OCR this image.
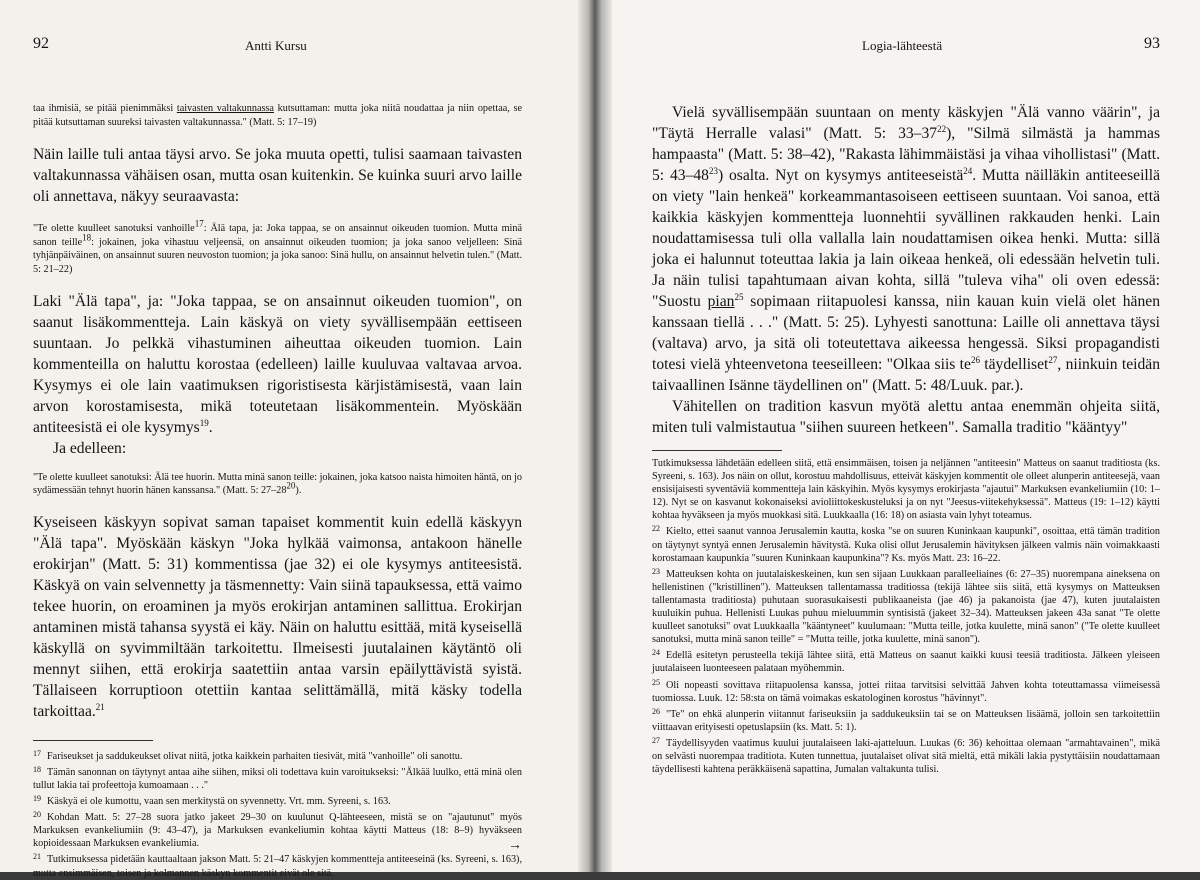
92	Antti Kursu

taa ihmisiä, se pitää pienimmäksi taivasten valtakunnassa kutsuttaman: mutta joka niitä noudattaa ja niin opettaa, se pitää kutsuttaman suureksi taivasten valtakunnassa." (Matt. 5: 17–19)

Näin laille tuli antaa täysi arvo. Se joka muuta opetti, tulisi saamaan taivasten valtakunnassa vähäisen osan, mutta osan kuitenkin. Se kuinka suuri arvo laille oli annettava, näkyy seuraavasta:

"Te olette kuulleet sanotuksi vanhoille$^{17}$: Älä tapa, ja: Joka tappaa, se on ansainnut oikeuden tuomion. Mutta minä sanon teille$^{18}$: jokainen, joka vihastuu veljeensä, on ansainnut oikeuden tuomion; ja joka sanoo veljelleen: Sinä tyhjänpäiväinen, on ansainnut suuren neuvoston tuomion; ja joka sanoo: Sinä hullu, on ansainnut helvetin tulen." (Matt. 5: 21–22)

Laki "Älä tapa", ja: "Joka tappaa, se on ansainnut oikeuden tuomion", on saanut lisäkommentteja. Lain käskyä on viety syvällisempään eettiseen suuntaan. Jo pelkkä vihastuminen aiheuttaa oikeuden tuomion. Lain kommenteilla on haluttu korostaa (edelleen) laille kuuluvaa valtavaa arvoa. Kysymys ei ole lain vaatimuksen rigoristisesta kärjistämisestä, vaan lain arvon korostamisesta, mikä toteutetaan lisäkommentein. Myöskään antiteesistä ei ole kysymys$^{19}$.

Ja edelleen:

"Te olette kuulleet sanotuksi: Älä tee huorin. Mutta minä sanon teille: jokainen, joka katsoo naista himoiten häntä, on jo sydämessään tehnyt huorin hänen kanssansa." (Matt. 5: $27-28^{20}$).

Kyseiseen käskyyn sopivat saman tapaiset kommentit kuin edellä käskyyn "Älä tapa". Myöskään käskyn "Joka hylkää vaimonsa, antakoon hänelle erokirjan" (Matt. 5: 31) kommentissa (jae 32) ei ole kysymys antiteesistä. Käskyä on vain selvennetty ja täsmennetty: Vain siinä tapauksessa, että vaimo tekee huorin, on eroaminen ja myös erokirjan antaminen sallittua. Erokirjan antaminen mistä tahansa syystä ei käy. Näin on haluttu esittää, mitä kyseisellä käskyllä on syvimmiltään tarkoitettu. Ilmeisesti juutalainen käytäntö oli mennyt siihen, että erokirja saatettiin antaa varsin epäilyttävistä syistä. Tällaiseen korruptioon otettiin kantaa selittämällä, mitä käsky todella tarkoittaa.$^{21}$

$^{17}$ Fariseukset ja saddukeukset olivat niitä, jotka kaikkein parhaiten tiesivät, mitä "vanhoille" oli sanottu.

$^{18}$ Tämän sanonnan on täytynyt antaa aihe siihen, miksi oli todettava kuin varoitukseksi: "Älkää luulko, että minä olen tullut lakia tai profeettoja kumoamaan . . ."

$^{19}$ Käskyä ei ole kumottu, vaan sen merkitystä on syvennetty. Vrt. mm. Syreeni, s. 163.

$^{20}$ Kohdan Matt. 5: 27–28 suora jatko jakeet 29–30 on kuulunut Q-lähteeseen, mistä se on "ajautunut" myös Markuksen evankeliumiin (9: 43–47), ja Markuksen evankeliumin kohtaa käytti Matteus (18: 8–9) hyväkseen kopioidessaan Markuksen evankeliumia.

$^{21}$ Tutkimuksessa pidetään kauttaaltaan jakson Matt. 5: 21–47 käskyjen kommentteja antiteeseinä (ks. Syreeni, s. 163), mutta ensimmäisen, toisen ja kolmannen käskyn kommentit eivät ole sitä.

→
Logia-lähteestä	93

Vielä syvällisempään suuntaan on menty käskyjen "Älä vanno väärin", ja "Täytä Herralle valasi" (Matt. 5: $33-37^{22}$), "Silmä silmästä ja hammas hampaasta" (Matt. 5: 38–42), "Rakasta lähimmäistäsi ja vihaa vihollistasi" (Matt. 5: $43-48^{23}$) osalta. Nyt on kysymys antiteeseistä$^{24}$. Mutta näilläkin antiteeseillä on viety "lain henkeä" korkeammantasoiseen eettiseen suuntaan. Voi sanoa, että kaikkia käskyjen kommentteja luonnehtii syvällinen rakkauden henki. Lain noudattamisessa tuli olla vallalla lain noudattamisen oikea henki. Mutta: sillä joka ei halunnut toteuttaa lakia ja lain oikeaa henkeä, oli edessään helvetin tuli. Ja näin tulisi tapahtumaan aivan kohta, sillä "tuleva viha" oli oven edessä: "Suostu pian$^{25}$ sopimaan riitapuolesi kanssa, niin kauan kuin vielä olet hänen kanssaan tiellä . . ." (Matt. 5: 25). Lyhyesti sanottuna: Laille oli annettava täysi (valtava) arvo, ja sitä oli toteutettava aikeessa hengessä. Siksi propagandisti totesi vielä yhteenvetona teeseilleen: "Olkaa siis $te^{26}$ täydelliset$^{27}$, niinkuin teidän taivaallinen Isänne täydellinen on" (Matt. 5: 48/Luuk. par.).

Vähitellen on tradition kasvun myötä alettu antaa enemmän ohjeita siitä, miten tuli valmistautua "siihen suureen hetkeen". Samalla traditio "kääntyy"

Tutkimuksessa lähdetään edelleen siitä, että ensimmäisen, toisen ja neljännen "antiteesin" Matteus on saanut traditiosta (ks. Syreeni, s. 163). Jos näin on ollut, korostuu mahdollisuus, etteivät käskyjen kommentit ole olleet alunperin antiteesejä, vaan ensisijaisesti syventäviä kommentteja lain käskyihin. Myös kysymys erokirjasta "ajautui" Markuksen evankeliumiin (10: 1–12). Nyt se on kasvanut kokonaiseksi avioliittokeskusteluksi ja on nyt "Jeesus-viitekehyksessä". Matteus (19: 1–12) käytti kohtaa hyväkseen ja myös muokkasi sitä. Luukkaalla (16: 18) on asiasta vain lyhyt toteamus.

$^{22}$ Kielto, ettei saanut vannoa Jerusalemin kautta, koska "se on suuren Kuninkaan kaupunki", osoittaa, että tämän tradition on täytynyt syntyä ennen Jerusalemin hävitystä. Kuka olisi ollut Jerusalemin hävityksen jälkeen valmis näin voimakkaasti korostamaan kaupunkia "suuren Kuninkaan kaupunkina"? Ks. myös Matt. 23: 16–22.

$^{23}$ Matteuksen kohta on juutalaiskeskeinen, kun sen sijaan Luukkaan paralleeliaines (6: 27–35) nuorempana aineksena on hellenistinen ("kristillinen"). Matteuksen tallentamassa traditiossa (tekijä lähtee siis siitä, että kysymys on Matteuksen tallentamasta traditiosta) puhutaan suorasukaisesti publikaaneista (jae 46) ja pakanoista (jae 47), kuten juutalaisten kuuluikin puhua. Hellenisti Luukas puhuu mieluummin syntisistä (jakeet 32–34). Matteuksen jakeen 43a sanat "Te olette kuulleet sanotuksi" ovat Luukkaalla "kääntyneet" kuulumaan: "Mutta teille, jotka kuulette, minä sanon" ("Te olette kuulleet sanotuksi, mutta minä sanon teille" = "Mutta teille, jotka kuulette, minä sanon").

$^{24}$ Edellä esitetyn perusteella tekijä lähtee siitä, että Matteus on saanut kaikki kuusi teesiä traditiosta. Jälkeen yleiseen juutalaiseen luonteeseen palataan myöhemmin.

$^{25}$ Oli nopeasti sovittava riitapuolensa kanssa, jottei riitaa tarvitsisi selvittää Jahven kohta toteuttamassa viimeisessä tuomiossa. Luuk. 12: 58:sta on tämä voimakas eskatologinen korostus "hävinnyt".

$^{26}$ "Te" on ehkä alunperin viitannut fariseuksiin ja saddukeuksiin tai se on Matteuksen lisäämä, jolloin sen tarkoitettiin viittaavan erityisesti opetuslapsiin (ks. Matt. 5: 1).

$^{27}$ Täydellisyyden vaatimus kuului juutalaiseen laki-ajatteluun. Luukas (6: 36) kehoittaa olemaan "armahtavainen", mikä on selvästi nuorempaa traditiota. Kuten tunnettua, juutalaiset olivat sitä mieltä, että mikäli lakia pystyttäisiin noudattamaan täydellisesti kahtena peräkkäisenä sapattina, Jumalan valtakunta tulisi.
